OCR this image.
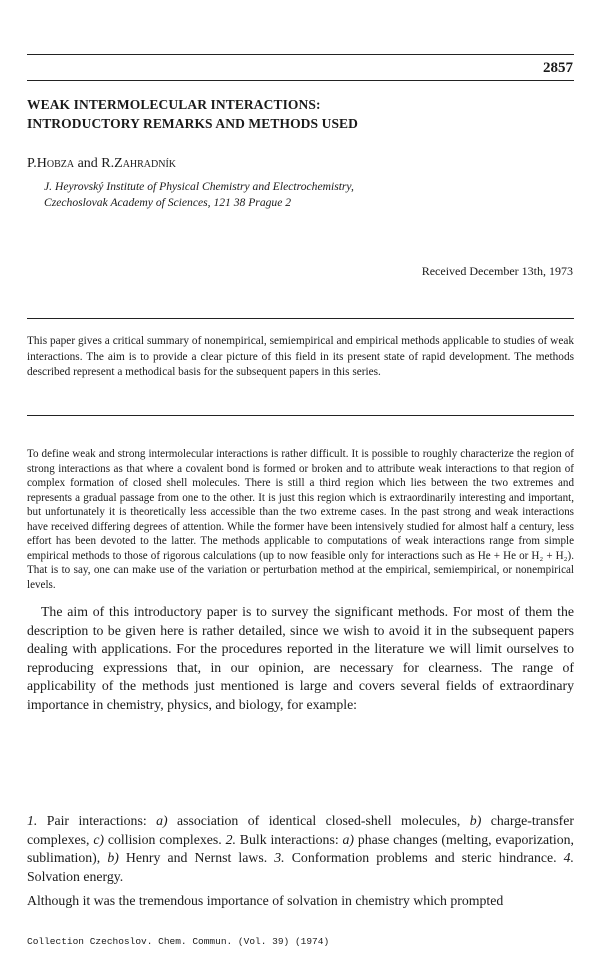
2857
WEAK INTERMOLECULAR INTERACTIONS:
INTRODUCTORY REMARKS AND METHODS USED
P.Hobza and R.Zahradník
J. Heyrovský Institute of Physical Chemistry and Electrochemistry,
Czechoslovak Academy of Sciences, 121 38 Prague 2
Received December 13th, 1973

This paper gives a critical summary of nonempirical, semiempirical and empirical methods applicable to studies of weak interactions. The aim is to provide a clear picture of this field in its present state of rapid development. The methods described represent a methodical basis for the subsequent papers in this series.

To define weak and strong intermolecular interactions is rather difficult. It is possible to roughly characterize the region of strong interactions as that where a covalent bond is formed or broken and to attribute weak interactions to that region of complex formation of closed shell molecules. There is still a third region which lies between the two extremes and represents a gradual passage from one to the other. It is just this region which is extraordinarily interesting and important, but unfortunately it is theoretically less accessible than the two extreme cases. In the past strong and weak interactions have received differing degrees of attention. While the former have been intensively studied for almost half a century, less effort has been devoted to the latter. The methods applicable to computations of weak interactions range from simple empirical methods to those of rigorous calculations (up to now feasible only for interactions such as He + He or H₂ + H₂). That is to say, one can make use of the variation or perturbation method at the empirical, semiempirical, or nonempirical levels.

The aim of this introductory paper is to survey the significant methods. For most of them the description to be given here is rather detailed, since we wish to avoid it in the subsequent papers dealing with applications. For the procedures reported in the literature we will limit ourselves to reproducing expressions that, in our opinion, are necessary for clearness. The range of applicability of the methods just mentioned is large and covers several fields of extraordinary importance in chemistry, physics, and biology, for example:

1. Pair interactions: a) association of identical closed-shell molecules, b) charge-transfer complexes, c) collision complexes. 2. Bulk interactions: a) phase changes (melting, evaporization, sublimation), b) Henry and Nernst laws. 3. Conformation problems and steric hindrance. 4. Solvation energy.

Although it was the tremendous importance of solvation in chemistry which prompted

Collection Czechoslov. Chem. Commun. (Vol. 39) (1974)
